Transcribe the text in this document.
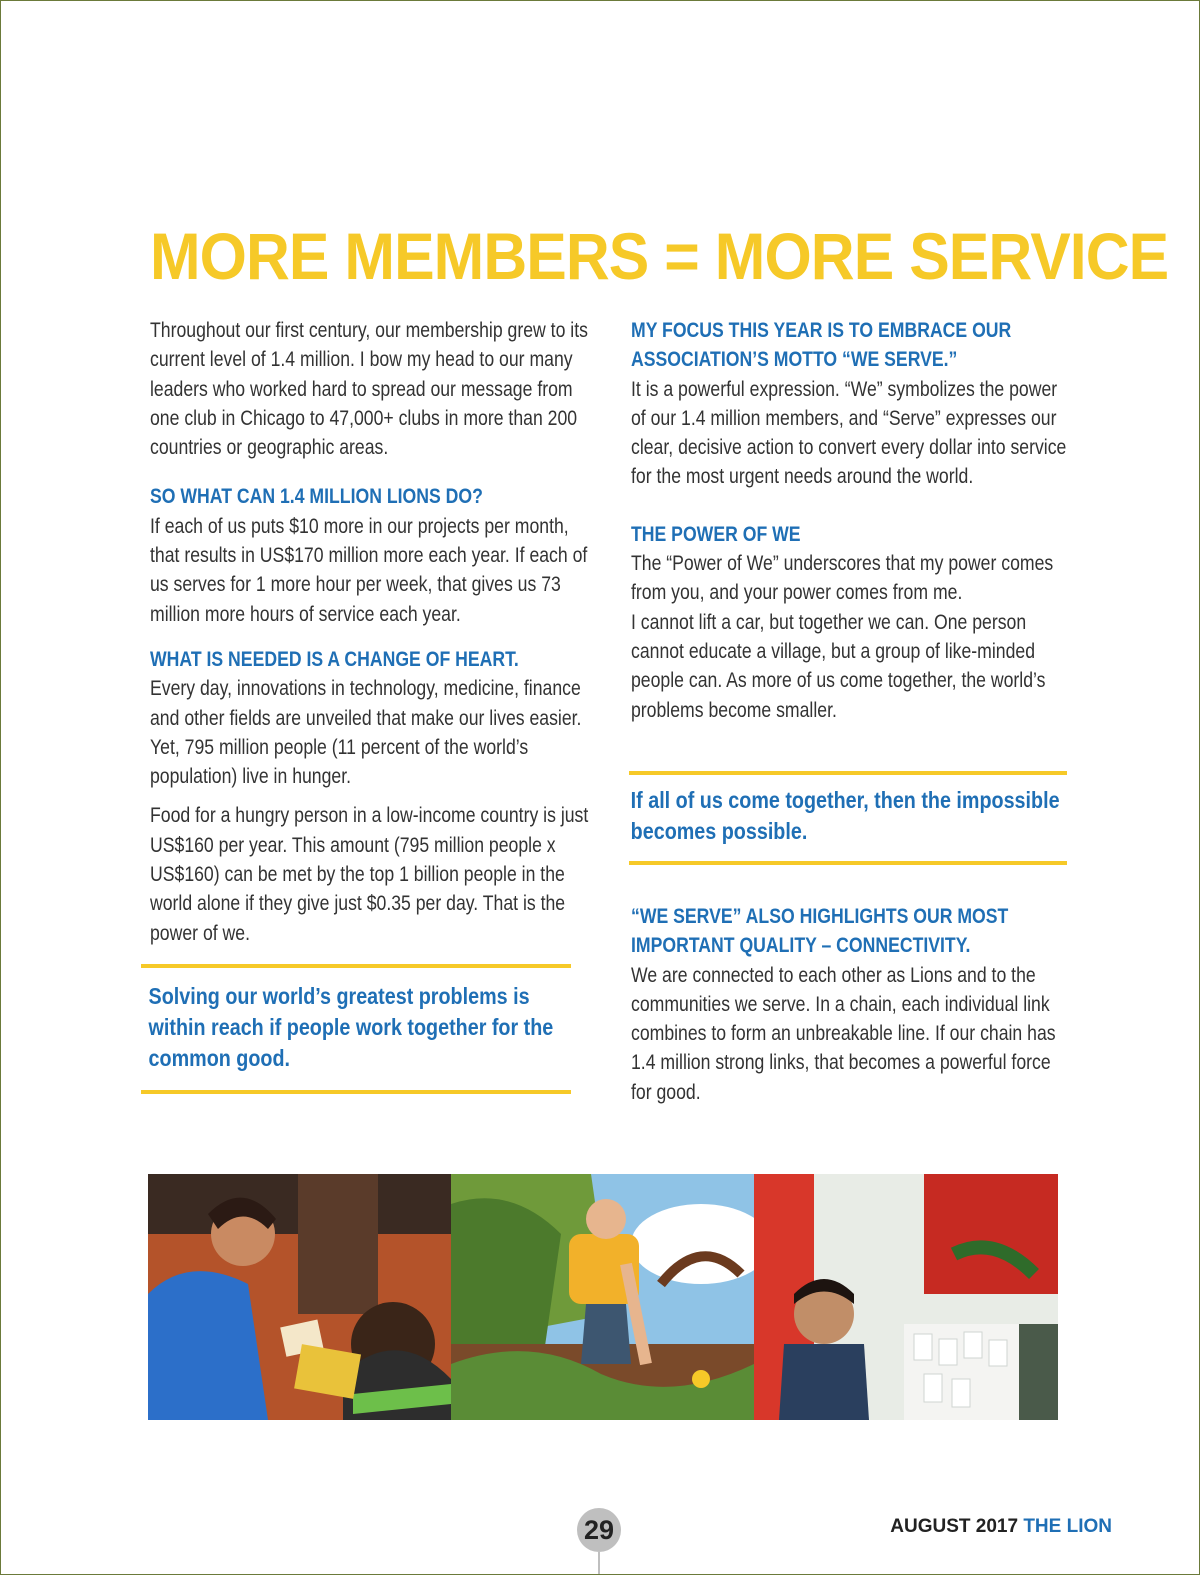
MORE MEMBERS = MORE SERVICE

Throughout our first century, our membership grew to its current level of 1.4 million. I bow my head to our many leaders who worked hard to spread our message from one club in Chicago to 47,000+ clubs in more than 200 countries or geographic areas.

SO WHAT CAN 1.4 MILLION LIONS DO?

If each of us puts $10 more in our projects per month, that results in US$170 million more each year. If each of us serves for 1 more hour per week, that gives us 73 million more hours of service each year.

WHAT IS NEEDED IS A CHANGE OF HEART.

Every day, innovations in technology, medicine, finance and other fields are unveiled that make our lives easier. Yet, 795 million people (11 percent of the world’s population) live in hunger.

Food for a hungry person in a low-income country is just US$160 per year. This amount (795 million people x US$160) can be met by the top 1 billion people in the world alone if they give just $0.35 per day. That is the power of we.

Solving our world’s greatest problems is within reach if people work together for the common good.

MY FOCUS THIS YEAR IS TO EMBRACE OUR ASSOCIATION’S MOTTO “WE SERVE.”

It is a powerful expression. “We” symbolizes the power of our 1.4 million members, and “Serve” expresses our clear, decisive action to convert every dollar into service for the most urgent needs around the world.

THE POWER OF WE

The “Power of We” underscores that my power comes from you, and your power comes from me.

I cannot lift a car, but together we can. One person cannot educate a village, but a group of like-minded people can. As more of us come together, the world’s problems become smaller.

If all of us come together, then the impossible becomes possible.

“WE SERVE” ALSO HIGHLIGHTS OUR MOST IMPORTANT QUALITY – CONNECTIVITY.

We are connected to each other as Lions and to the communities we serve. In a chain, each individual link combines to form an unbreakable line. If our chain has 1.4 million strong links, that becomes a powerful force for good.

29	AUGUST 2017 THE LION
